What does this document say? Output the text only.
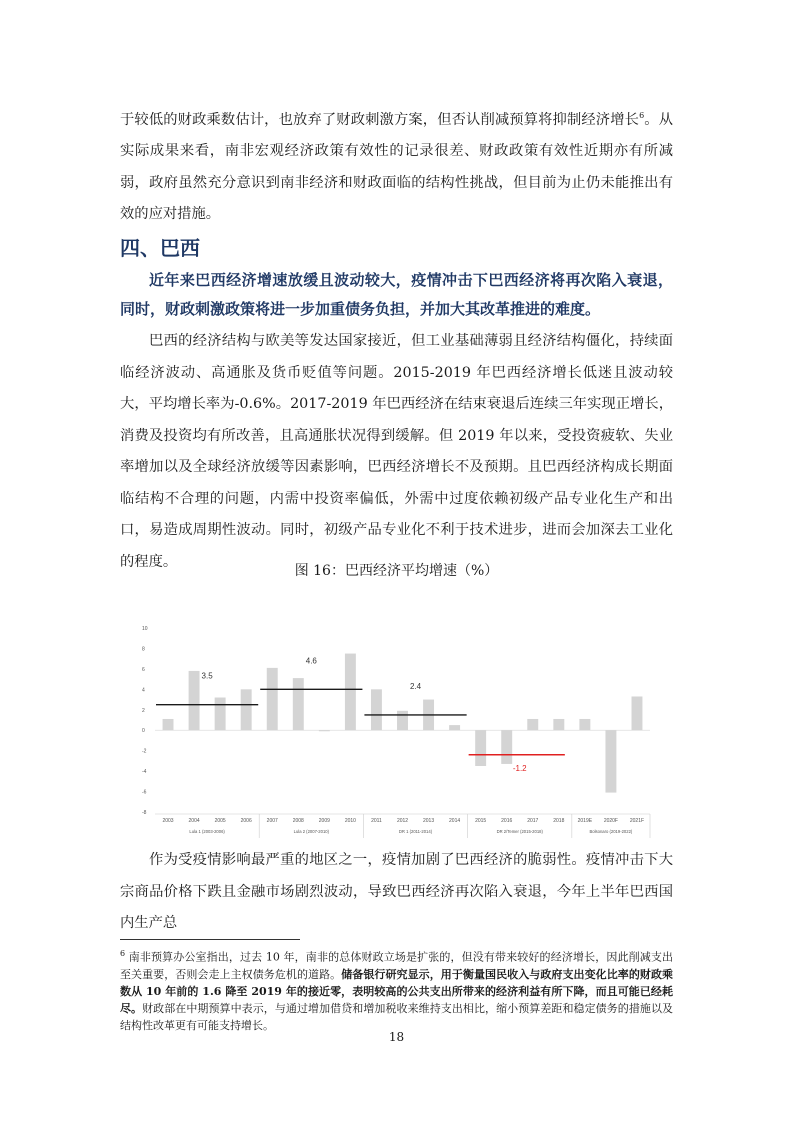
于较低的财政乘数估计，也放弃了财政刺激方案，但否认削减预算将抑制经济增长$^6$。从实际成果来看，南非宏观经济政策有效性的记录很差、财政政策有效性近期亦有所减弱，政府虽然充分意识到南非经济和财政面临的结构性挑战，但目前为止仍未能推出有效的应对措施。

四、巴西

近年来巴西经济增速放缓且波动较大，疫情冲击下巴西经济将再次陷入衰退，同时，财政刺激政策将进一步加重债务负担，并加大其改革推进的难度。

巴西的经济结构与欧美等发达国家接近，但工业基础薄弱且经济结构僵化，持续面临经济波动、高通胀及货币贬值等问题。2015-2019 年巴西经济增长低迷且波动较大，平均增长率为-0.6%。2017-2019 年巴西经济在结束衰退后连续三年实现正增长，消费及投资均有所改善，且高通胀状况得到缓解。但 2019 年以来，受投资疲软、失业率增加以及全球经济放缓等因素影响，巴西经济增长不及预期。且巴西经济构成长期面临结构不合理的问题，内需中投资率偏低，外需中过度依赖初级产品专业化生产和出口，易造成周期性波动。同时，初级产品专业化不利于技术进步，进而会加深去工业化的程度。

图 16：巴西经济平均增速（%）

10
8
6
4
2
0
-2
-4
-6
-8
3.5
4.6
2.4
-1.2
2003	2004	2005	2006	2007	2008	2009	2010	2011	2012	2013	2014	2015	2016	2017	2018	2019E 2020F 2021F
Lula 1 (2003-2006)	Lula 2 (2007-2010)	DR 1 (2011-2014)	DR 2/Temer (2015-2018)	Bolsonaro (2019-2022)

作为受疫情影响最严重的地区之一，疫情加剧了巴西经济的脆弱性。疫情冲击下大宗商品价格下跌且金融市场剧烈波动，导致巴西经济再次陷入衰退，今年上半年巴西国内生产总

$^6$ 南非预算办公室指出，过去 10 年，南非的总体财政立场是扩张的，但没有带来较好的经济增长，因此削减支出至关重要，否则会走上主权债务危机的道路。储备银行研究显示，用于衡量国民收入与政府支出变化比率的财政乘数从 10 年前的 1.6 降至 2019 年的接近零，表明较高的公共支出所带来的经济利益有所下降，而且可能已经耗尽。财政部在中期预算中表示，与通过增加借贷和增加税收来维持支出相比，缩小预算差距和稳定债务的措施以及结构性改革更有可能支持增长。

18
